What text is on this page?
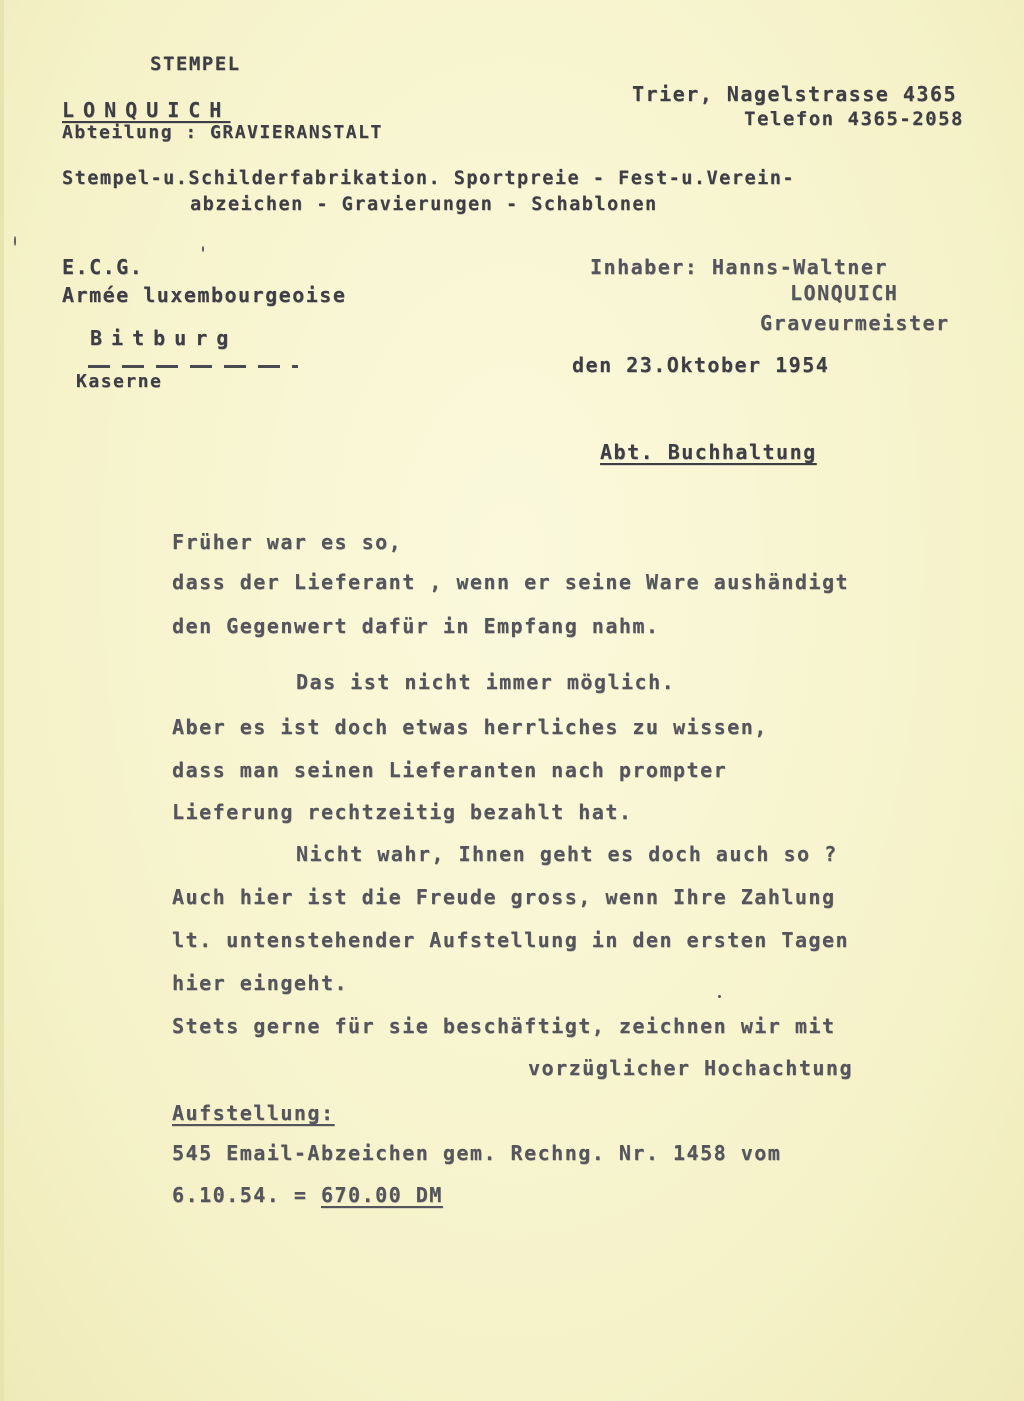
STEMPEL

LONQUICH

Abteilung : GRAVIERANSTALT

Trier, Nagelstrasse 4365

Telefon 4365-2058

Stempel-u.Schilderfabrikation. Sportpreie - Fest-u.Verein-

abzeichen - Gravierungen - Schablonen

E.C.G.

Armée luxembourgeoise

Bitburg

Kaserne

Inhaber: Hanns-Waltner

LONQUICH

Graveurmeister

den 23.Oktober 1954

Abt. Buchhaltung

Früher war es so,

dass der Lieferant , wenn er seine Ware aushändigt

den Gegenwert dafür in Empfang nahm.

Das ist nicht immer möglich.

Aber es ist doch etwas herrliches zu wissen,

dass man seinen Lieferanten nach prompter

Lieferung rechtzeitig bezahlt hat.

Nicht wahr, Ihnen geht es doch auch so ?

Auch hier ist die Freude gross, wenn Ihre Zahlung

lt. untenstehender Aufstellung in den ersten Tagen

hier eingeht.

Stets gerne für sie beschäftigt, zeichnen wir mit

vorzüglicher Hochachtung

Aufstellung:

545 Email-Abzeichen gem. Rechng. Nr. 1458 vom

6.10.54. = 670.00 DM
